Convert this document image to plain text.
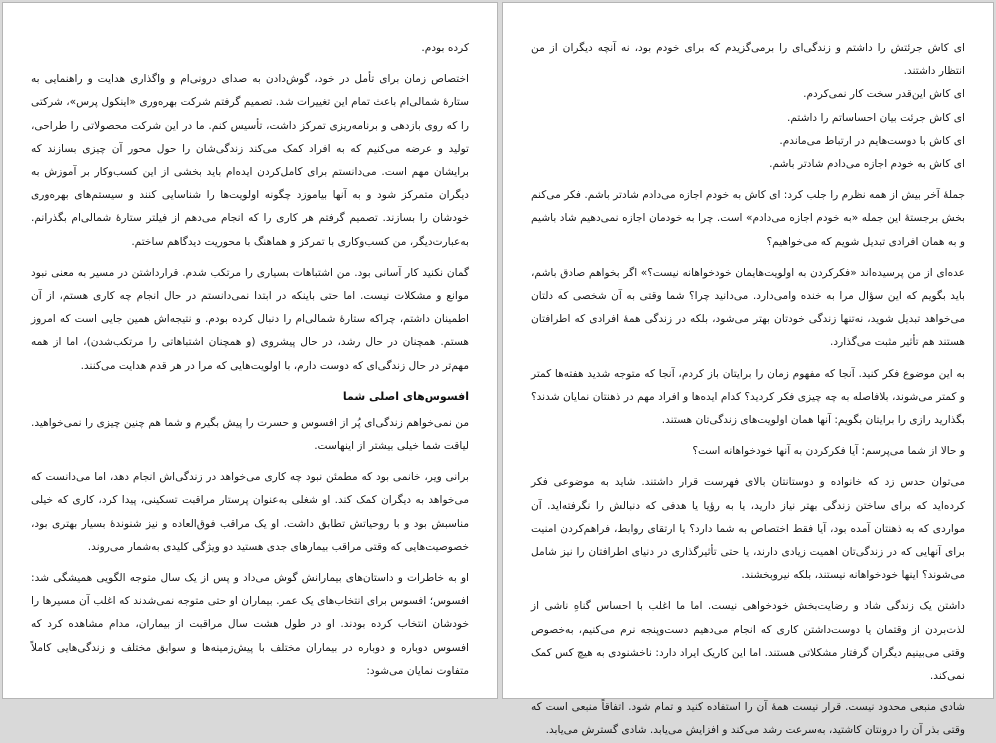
کرده بودم.

اختصاص زمان برای تأمل در خود، گوش‌دادن به صدای درونی‌ام و واگذاری هدایت و راهنمایی به ستارهٔ شمالی‌ام باعث تمام این تغییرات شد. تصمیم گرفتم شرکت بهره‌وری «اینکول پرس»، شرکتی را که روی بازدهی و برنامه‌ریزی تمرکز داشت، تأسیس کنم. ما در این شرکت محصولاتی را طراحی، تولید و عرضه می‌کنیم که به افراد کمک می‌کند زندگی‌شان را حول محور آن چیزی بسازند که برایشان مهم است. می‌دانستم برای کامل‌کردن ایده‌ام باید بخشی از این کسب‌وکار بر آموزش به دیگران متمرکز شود و به آنها بیاموزد چگونه اولویت‌ها را شناسایی کنند و سیستم‌های بهره‌وری خودشان را بسازند. تصمیم گرفتم هر کاری را که انجام می‌دهم از فیلتر ستارهٔ شمالی‌ام بگذرانم. به‌عبارت‌دیگر، من کسب‌وکاری با تمرکز و هماهنگ با محوریت دیدگاهم ساختم.

گمان نکنید کار آسانی بود. من اشتباهات بسیاری را مرتکب شدم. قرارداشتن در مسیر به معنی نبود موانع و مشکلات نیست. اما حتی باینکه در ابتدا نمی‌دانستم در حال انجام چه کاری هستم، از آن اطمینان داشتم، چراکه ستارهٔ شمالی‌ام را دنبال کرده بودم. و نتیجه‌اش همین جایی است که امروز هستم. همچنان در حال رشد، در حال پیشروی (و همچنان اشتباهاتی را مرتکب‌شدن)، اما از همه مهم‌تر در حال زندگی‌ای که دوست دارم، با اولویت‌هایی که مرا در هر قدم هدایت می‌کنند.

افسوس‌های اصلی شما

من نمی‌خواهم زندگی‌ای پُر از افسوس و حسرت را پیش بگیرم و شما هم چنین چیزی را نمی‌خواهید. لیاقت شما خیلی بیشتر از اینهاست.

برانی ویر، خانمی بود که مطمئن نبود چه کاری می‌خواهد در زندگی‌اش انجام دهد، اما می‌دانست که می‌خواهد به دیگران کمک کند. او شغلی به‌عنوان پرستار مراقبت تسکینی، پیدا کرد، کاری که خیلی مناسبش بود و با روحیاتش تطابق داشت. او یک مراقب فوق‌العاده و نیز شنوندهٔ بسیار بهتری بود، خصوصیت‌هایی که وقتی مراقب بیمارهای جدی هستید دو ویژگی کلیدی به‌شمار می‌روند.

او به خاطرات و داستان‌های بیمارانش گوش می‌داد و پس از یک سال متوجه الگویی همیشگی شد: افسوس؛ افسوس برای انتخاب‌های یک عمر. بیماران او حتی متوجه نمی‌شدند که اغلب آن مسیرها را خودشان انتخاب کرده بودند. او در طول هشت سال مراقبت از بیماران، مدام مشاهده کرد که افسوس دوباره و دوباره در بیماران مختلف با پیش‌زمینه‌ها و سوابق مختلف و زندگی‌هایی کاملاً متفاوت نمایان می‌شود:

ای کاش جرئتش را داشتم و زندگی‌ای را برمی‌گزیدم که برای خودم بود، نه آنچه دیگران از من انتظار داشتند.

ای کاش این‌قدر سخت کار نمی‌کردم.

ای کاش جرئت بیان احساساتم را داشتم.

ای کاش با دوست‌هایم در ارتباط می‌ماندم.

ای کاش به خودم اجازه می‌دادم شادتر باشم.

جملهٔ آخر بیش از همه نظرم را جلب کرد: ای کاش به خودم اجازه می‌دادم شادتر باشم. فکر می‌کنم بخش برجستهٔ این جمله «به خودم اجازه می‌دادم» است. چرا به خودمان اجازه نمی‌دهیم شاد باشیم و به همان افرادی تبدیل شویم که می‌خواهیم؟

عده‌ای از من پرسیده‌اند «فکرکردن به اولویت‌هایمان خودخواهانه نیست؟» اگر بخواهم صادق باشم، باید بگویم که این سؤال مرا به خنده وامی‌دارد. می‌دانید چرا؟ شما وقتی به آن شخصی که دلتان می‌خواهد تبدیل شوید، نه‌تنها زندگی خودتان بهتر می‌شود، بلکه در زندگی همهٔ افرادی که اطرافتان هستند هم تأثیر مثبت می‌گذارد.

به این موضوع فکر کنید. آنجا که مفهوم زمان را برایتان باز کردم، آنجا که متوجه شدید هفته‌ها کمتر و کمتر می‌شوند، بلافاصله به چه چیزی فکر کردید؟ کدام ایده‌ها و افراد مهم در ذهنتان نمایان شدند؟ بگذارید رازی را برایتان بگویم: آنها همان اولویت‌های زندگی‌تان هستند.

و حالا از شما می‌پرسم: آیا فکرکردن به آنها خودخواهانه است؟

می‌توان حدس زد که خانواده و دوستانتان بالای فهرست قرار داشتند. شاید به موضوعی فکر کرده‌اید که برای ساختن زندگی بهتر نیاز دارید، یا به رؤیا یا هدفی که دنبالش را نگرفته‌اید. آن مواردی که به ذهنتان آمده بود، آیا فقط اختصاص به شما دارد؟ یا ارتقای روابط، فراهم‌کردن امنیت برای آنهایی که در زندگی‌تان اهمیت زیادی دارند، یا حتی تأثیرگذاری در دنیای اطرافتان را نیز شامل می‌شوند؟ اینها خودخواهانه نیستند، بلکه نیروبخشند.

داشتن یک زندگی شاد و رضایت‌بخش خودخواهی نیست. اما ما اغلب با احساس گناهِ ناشی از لذت‌بردن از وقتمان یا دوست‌داشتن کاری که انجام می‌دهیم دست‌وپنجه نرم می‌کنیم، به‌خصوص وقتی می‌بینیم دیگران گرفتار مشکلاتی هستند. اما این کاریک ایراد دارد: ناخشنودی به هیچ کس کمک نمی‌کند.

شادی منبعی محدود نیست. قرار نیست همهٔ آن را استفاده کنید و تمام شود. اتفاقاً منبعی است که وقتی بذر آن را درونتان کاشتید، به‌سرعت رشد می‌کند و افزایش می‌یابد. شادی گسترش می‌یابد.
